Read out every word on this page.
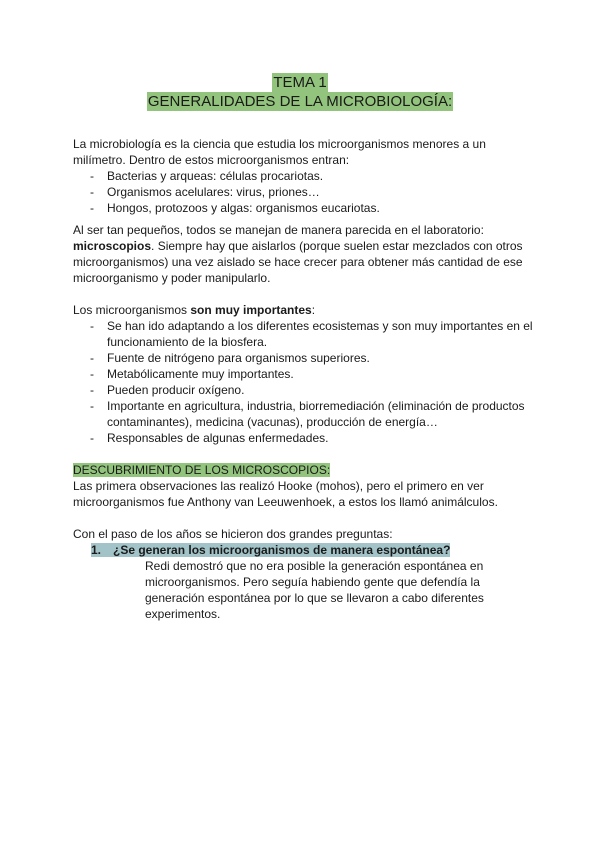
TEMA 1
GENERALIDADES DE LA MICROBIOLOGÍA:

La microbiología es la ciencia que estudia los microorganismos menores a un milímetro. Dentro de estos microorganismos entran:

- Bacterias y arqueas: células procariotas.
- Organismos acelulares: virus, priones…
- Hongos, protozoos y algas: organismos eucariotas.

Al ser tan pequeños, todos se manejan de manera parecida en el laboratorio: microscopios. Siempre hay que aislarlos (porque suelen estar mezclados con otros microorganismos) una vez aislado se hace crecer para obtener más cantidad de ese microorganismo y poder manipularlo.

Los microorganismos son muy importantes:

- Se han ido adaptando a los diferentes ecosistemas y son muy importantes en el funcionamiento de la biosfera.
- Fuente de nitrógeno para organismos superiores.
- Metabólicamente muy importantes.
- Pueden producir oxígeno.
- Importante en agricultura, industria, biorremediación (eliminación de productos contaminantes), medicina (vacunas), producción de energía…
- Responsables de algunas enfermedades.

DESCUBRIMIENTO DE LOS MICROSCOPIOS:

Las primera observaciones las realizó Hooke (mohos), pero el primero en ver microorganismos fue Anthony van Leeuwenhoek, a estos los llamó animálculos.

Con el paso de los años se hicieron dos grandes preguntas:

1. ¿Se generan los microorganismos de manera espontánea?

Redi demostró que no era posible la generación espontánea en microorganismos. Pero seguía habiendo gente que defendía la generación espontánea por lo que se llevaron a cabo diferentes experimentos.
